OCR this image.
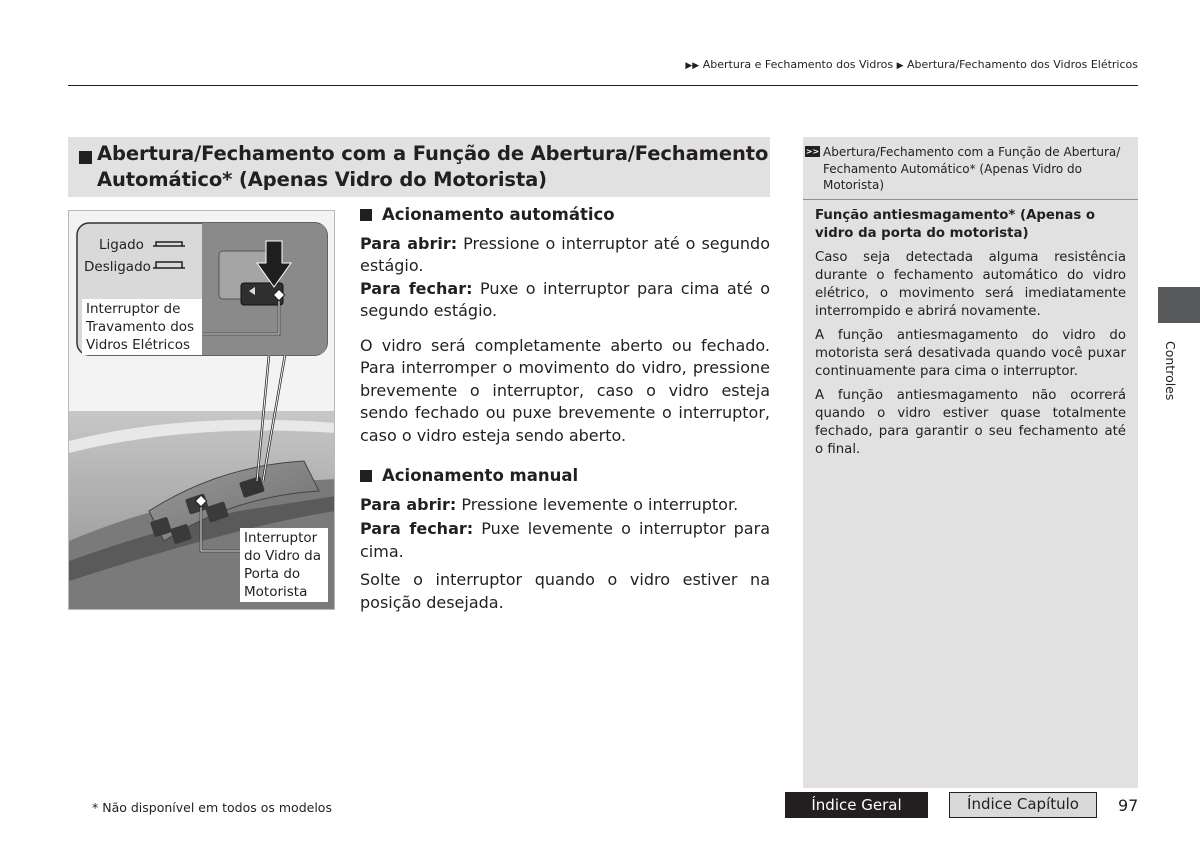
▶▶ Abertura e Fechamento dos Vidros ▶ Abertura/Fechamento dos Vidros Elétricos
Abertura/Fechamento com a Função de Abertura/Fechamento
Automático* (Apenas Vidro do Motorista)
Ligado
Desligado
Interruptor de Travamento dos Vidros Elétricos
Interruptor do Vidro da Porta do Motorista
Acionamento automático

Para abrir: Pressione o interruptor até o segundo estágio.

Para fechar: Puxe o interruptor para cima até o segundo estágio.

O vidro será completamente aberto ou fechado. Para interromper o movimento do vidro, pressione brevemente o interruptor, caso o vidro esteja sendo fechado ou puxe brevemente o interruptor, caso o vidro esteja sendo aberto.

Acionamento manual

Para abrir: Pressione levemente o interruptor.

Para fechar: Puxe levemente o interruptor para cima.

Solte o interruptor quando o vidro estiver na posição desejada.

>> Abertura/Fechamento com a Função de Abertura/
Fechamento Automático* (Apenas Vidro do Motorista)
Função antiesmagamento* (Apenas o vidro da porta do motorista)

Caso seja detectada alguma resistência durante o fechamento automático do vidro elétrico, o movimento será imediatamente interrompido e abrirá novamente.

A função antiesmagamento do vidro do motorista será desativada quando você puxar continuamente para cima o interruptor.

A função antiesmagamento não ocorrerá quando o vidro estiver quase totalmente fechado, para garantir o seu fechamento até o final.

Controles
* Não disponível em todos os modelos	Índice Geral	Índice Capítulo	97
